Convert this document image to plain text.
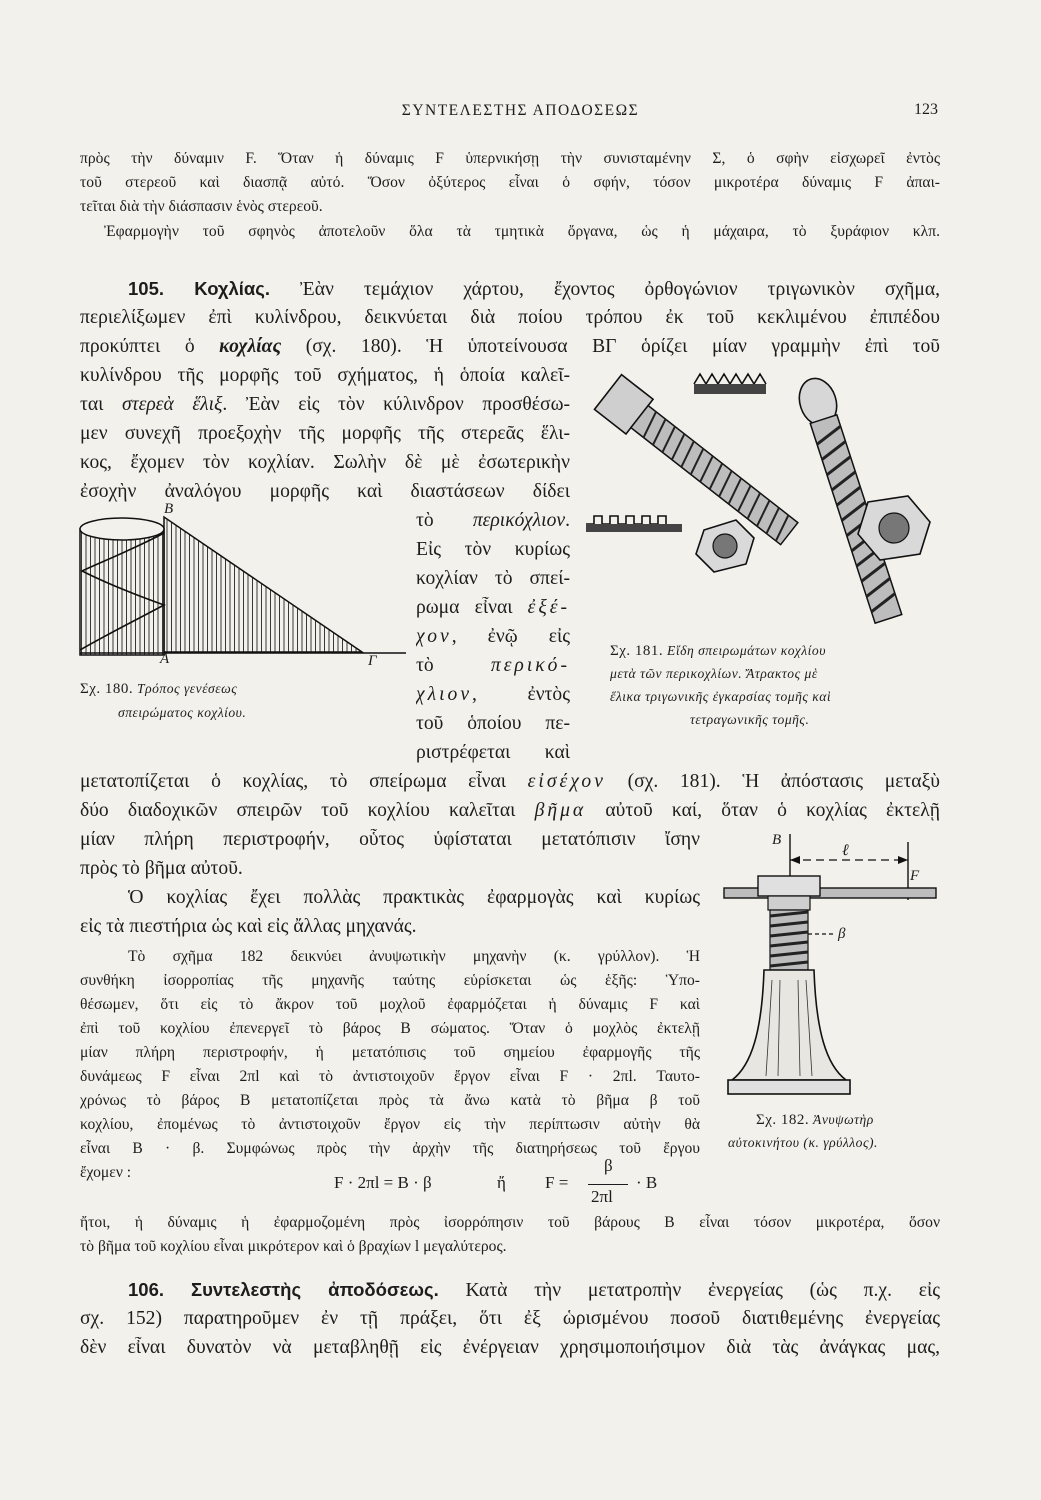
ΣΥΝΤΕΛΕΣΤΗΣ ΑΠΟΔΟΣΕΩΣ	123
πρὸς τὴν δύναμιν F. Ὅταν ἡ δύναμις F ὑπερνικήσῃ τὴν συνισταμένην Σ, ὁ σφὴν εἰσχωρεῖ ἐντὸς
τοῦ στερεοῦ καὶ διασπᾷ αὐτό. Ὅσον ὀξύτερος εἶναι ὁ σφήν, τόσον μικροτέρα δύναμις F ἀπαι-
τεῖται διὰ τὴν διάσπασιν ἑνὸς στερεοῦ.
Ἐφαρμογὴν τοῦ σφηνὸς ἀποτελοῦν ὅλα τὰ τμητικὰ ὄργανα, ὡς ἡ μάχαιρα, τὸ ξυράφιον κλπ.
105. Κοχλίας. Ἐὰν τεμάχιον χάρτου, ἔχοντος ὀρθογώνιον τριγωνικὸν σχῆμα,
περιελίξωμεν ἐπὶ κυλίνδρου, δεικνύεται διὰ ποίου τρόπου ἐκ τοῦ κεκλιμένου ἐπιπέδου
προκύπτει ὁ κοχλίας (σχ. 180). Ἡ ὑποτείνουσα ΒΓ ὁρίζει μίαν γραμμὴν ἐπὶ τοῦ
κυλίνδρου τῆς μορφῆς τοῦ σχήματος, ἡ ὁποία καλεῖ-
ται στερεὰ ἕλιξ. Ἐὰν εἰς τὸν κύλινδρον προσθέσω-
μεν συνεχῆ προεξοχὴν τῆς μορφῆς τῆς στερεᾶς ἕλι-
κος, ἔχομεν τὸν κοχλίαν. Σωλὴν δὲ μὲ ἐσωτερικὴν
ἐσοχὴν ἀναλόγου μορφῆς καὶ διαστάσεων δίδει
τὸ περικόχλιον.
Εἰς τὸν κυρίως
κοχλίαν τὸ σπεί-
ρωμα εἶναι ἐξέ-
χον, ἐνῷ εἰς
τὸ περικό-
χλιον, ἐντὸς
τοῦ ὁποίου πε-
ριστρέφεται καὶ
μετατοπίζεται ὁ κοχλίας, τὸ σπείρωμα εἶναι εἰσέχον (σχ. 181). Ἡ ἀπόστασις μεταξὺ
δύο διαδοχικῶν σπειρῶν τοῦ κοχλίου καλεῖται βῆμα αὐτοῦ καί, ὅταν ὁ κοχλίας ἐκτελῇ
μίαν πλήρη περιστροφήν, οὗτος ὑφίσταται μετατόπισιν ἴσην
πρὸς τὸ βῆμα αὐτοῦ.
Ὁ κοχλίας ἔχει πολλὰς πρακτικὰς ἐφαρμογὰς καὶ κυρίως
εἰς τὰ πιεστήρια ὡς καὶ εἰς ἄλλας μηχανάς.
Τὸ σχῆμα 182 δεικνύει ἀνυψωτικὴν μηχανὴν (κ. γρύλλον). Ἡ
συνθήκη ἰσορροπίας τῆς μηχανῆς ταύτης εὑρίσκεται ὡς ἑξῆς: Ὑπο-
θέσωμεν, ὅτι εἰς τὸ ἄκρον τοῦ μοχλοῦ ἐφαρμόζεται ἡ δύναμις F καὶ
ἐπὶ τοῦ κοχλίου ἐπενεργεῖ τὸ βάρος Β σώματος. Ὅταν ὁ μοχλὸς ἐκτελῇ
μίαν πλήρη περιστροφήν, ἡ μετατόπισις τοῦ σημείου ἐφαρμογῆς τῆς
δυνάμεως F εἶναι 2πl καὶ τὸ ἀντιστοιχοῦν ἔργον εἶναι F · 2πl. Ταυτο-
χρόνως τὸ βάρος Β μετατοπίζεται πρὸς τὰ ἄνω κατὰ τὸ βῆμα β τοῦ
κοχλίου, ἐπομένως τὸ ἀντιστοιχοῦν ἔργον εἰς τὴν περίπτωσιν αὐτὴν θὰ
εἶναι Β · β. Συμφώνως πρὸς τὴν ἀρχὴν τῆς διατηρήσεως τοῦ ἔργου
ἔχομεν :
F · 2πl = B · β	ἤ F =
β
2πl
· B
ἤτοι, ἡ δύναμις ἡ ἐφαρμοζομένη πρὸς ἰσορρόπησιν τοῦ βάρους Β εἶναι τόσον μικροτέρα, ὅσον
τὸ βῆμα τοῦ κοχλίου εἶναι μικρότερον καὶ ὁ βραχίων l μεγαλύτερος.
106. Συντελεστὴς ἀποδόσεως. Κατὰ τὴν μετατροπὴν ἐνεργείας (ὡς π.χ. εἰς
σχ. 152) παρατηροῦμεν ἐν τῇ πράξει, ὅτι ἐξ ὡρισμένου ποσοῦ διατιθεμένης ἐνεργείας
δὲν εἶναι δυνατὸν νὰ μεταβληθῇ εἰς ἐνέργειαν χρησιμοποιήσιμον διὰ τὰς ἀνάγκας μας,
Β
Α	Γ
Σχ. 180. Τρόπος γενέσεως
σπειρώματος κοχλίου.
Σχ. 181. Εἴδη σπειρωμάτων κοχλίου
μετὰ τῶν περικοχλίων. Ἄτρακτος μὲ
ἕλικα τριγωνικῆς ἐγκαρσίας τομῆς καὶ
τετραγωνικῆς τομῆς.
B
ℓ
F
β
Σχ. 182. Ἀνυψωτὴρ
αὐτοκινήτου (κ. γρύλλος).
